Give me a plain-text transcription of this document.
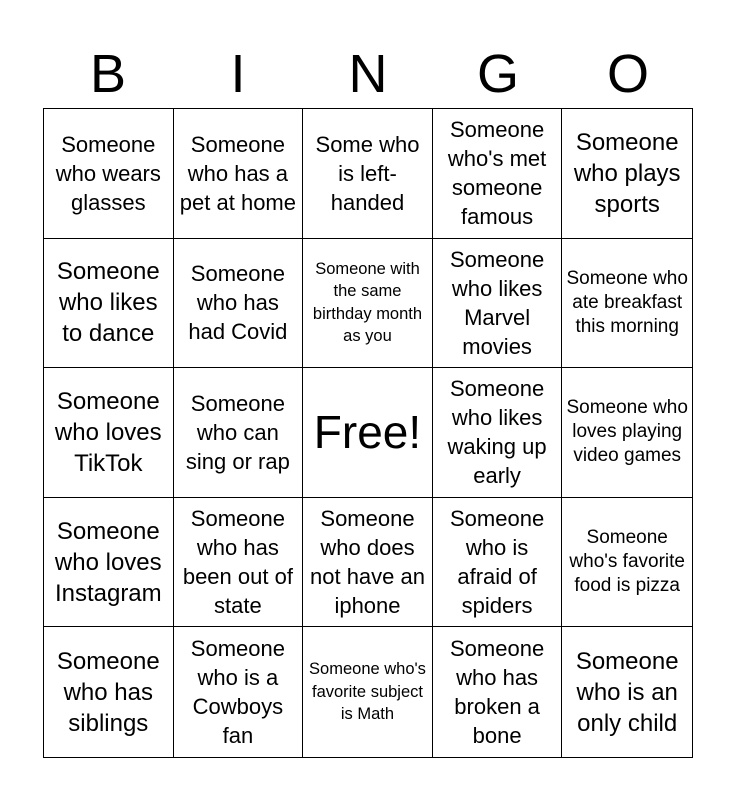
B	I	N	G	O
Someone who wears glasses
Someone who has a pet at home
Some who is left-handed
Someone who's met someone famous
Someone who plays sports
Someone who likes to dance
Someone who has had Covid
Someone with the same birthday month as you
Someone who likes Marvel movies
Someone who ate breakfast this morning
Someone who loves TikTok
Someone who can sing or rap
Free!
Someone who likes waking up early
Someone who loves playing video games
Someone who loves Instagram
Someone who has been out of state
Someone who does not have an iphone
Someone who is afraid of spiders
Someone who's favorite food is pizza
Someone who has siblings
Someone who is a Cowboys fan
Someone who's favorite subject is Math
Someone who has broken a bone
Someone who is an only child
